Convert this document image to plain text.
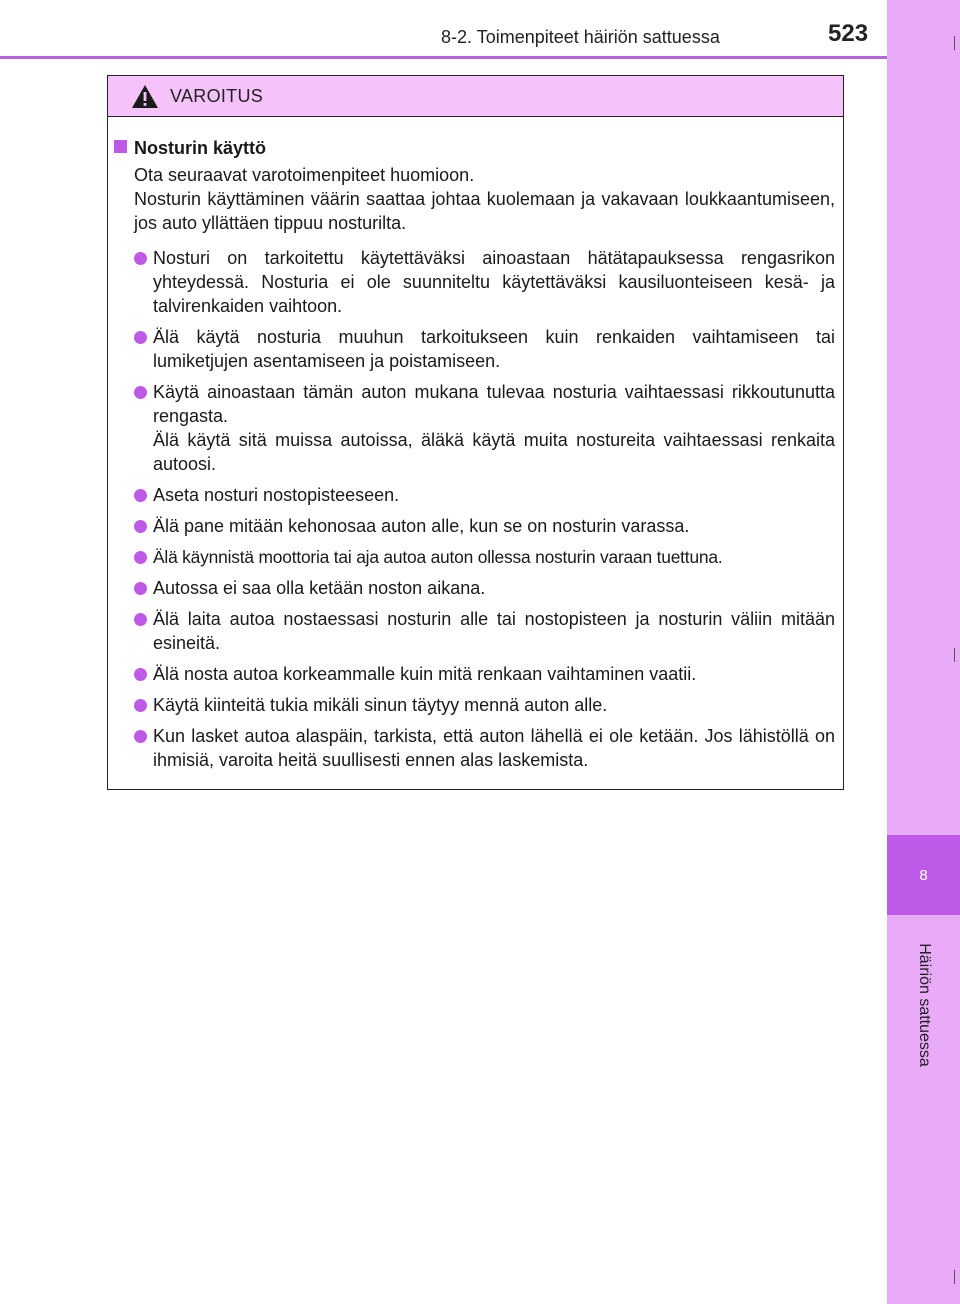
8
Häiriön sattuessa
8-2. Toimenpiteet häiriön sattuessa	523
VAROITUS
Nosturin käyttö

Ota seuraavat varotoimenpiteet huomioon.

Nosturin käyttäminen väärin saattaa johtaa kuolemaan ja vakavaan loukkaantumiseen, jos auto yllättäen tippuu nosturilta.

Nosturi on tarkoitettu käytettäväksi ainoastaan hätätapauksessa rengasrikon yhteydessä. Nosturia ei ole suunniteltu käytettäväksi kausiluonteiseen kesä- ja talvirenkaiden vaihtoon.

Älä käytä nosturia muuhun tarkoitukseen kuin renkaiden vaihtamiseen tai lumiketjujen asentamiseen ja poistamiseen.

Käytä ainoastaan tämän auton mukana tulevaa nosturia vaihtaessasi rikkoutunutta rengasta.

Älä käytä sitä muissa autoissa, äläkä käytä muita nostureita vaihtaessasi renkaita autoosi.

Aseta nosturi nostopisteeseen.

Älä pane mitään kehonosaa auton alle, kun se on nosturin varassa.

Älä käynnistä moottoria tai aja autoa auton ollessa nosturin varaan tuettuna.

Autossa ei saa olla ketään noston aikana.

Älä laita autoa nostaessasi nosturin alle tai nostopisteen ja nosturin väliin mitään esineitä.

Älä nosta autoa korkeammalle kuin mitä renkaan vaihtaminen vaatii.

Käytä kiinteitä tukia mikäli sinun täytyy mennä auton alle.

Kun lasket autoa alaspäin, tarkista, että auton lähellä ei ole ketään. Jos lähistöllä on ihmisiä, varoita heitä suullisesti ennen alas laskemista.
